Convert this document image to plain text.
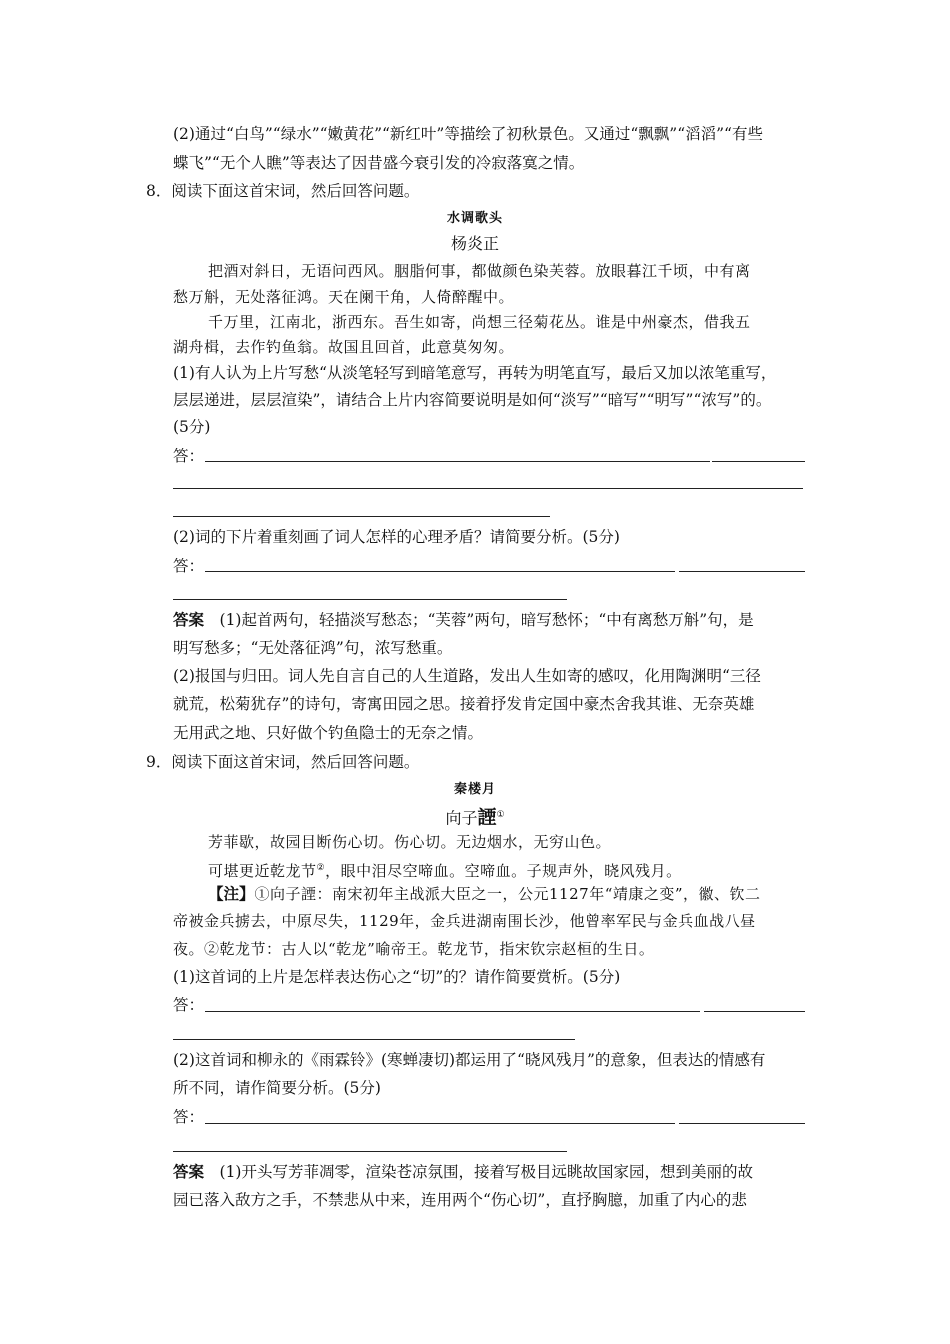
(2)通过“白鸟”“绿水”“嫩黄花”“新红叶”等描绘了初秋景色。又通过“飘飘”“滔滔”“有些
蝶飞”“无个人瞧”等表达了因昔盛今衰引发的冷寂落寞之情。
8．阅读下面这首宋词，然后回答问题。
水调歌头
杨炎正
把酒对斜日，无语问西风。胭脂何事，都做颜色染芙蓉。放眼暮江千顷，中有离
愁万斛，无处落征鸿。天在阑干角，人倚醉醒中。
千万里，江南北，浙西东。吾生如寄，尚想三径菊花丛。谁是中州豪杰，借我五
湖舟楫，去作钓鱼翁。故国且回首，此意莫匆匆。
(1)有人认为上片写愁“从淡笔轻写到暗笔意写，再转为明笔直写，最后又加以浓笔重写，
层层递进，层层渲染”，请结合上片内容简要说明是如何“淡写”“暗写”“明写”“浓写”的。
(5分)
答：
(2)词的下片着重刻画了词人怎样的心理矛盾？请简要分析。(5分)
答：
答案  (1)起首两句，轻描淡写愁态；“芙蓉”两句，暗写愁怀；“中有离愁万斛”句，是
明写愁多；“无处落征鸿”句，浓写愁重。
(2)报国与归田。词人先自言自己的人生道路，发出人生如寄的感叹，化用陶渊明“三径
就荒，松菊犹存”的诗句，寄寓田园之思。接着抒发肯定国中豪杰舍我其谁、无奈英雄
无用武之地、只好做个钓鱼隐士的无奈之情。
9．阅读下面这首宋词，然后回答问题。
秦楼月
向子諲①
芳菲歇，故园目断伤心切。伤心切。无边烟水，无穷山色。
可堪更近乾龙节②，眼中泪尽空啼血。空啼血。子规声外，晓风残月。
【注】①向子諲：南宋初年主战派大臣之一，公元1127年“靖康之变”，徽、钦二
帝被金兵掳去，中原尽失，1129年，金兵进湖南围长沙，他曾率军民与金兵血战八昼
夜。②乾龙节：古人以“乾龙”喻帝王。乾龙节，指宋钦宗赵桓的生日。
(1)这首词的上片是怎样表达伤心之“切”的？请作简要赏析。(5分)
答：
(2)这首词和柳永的《雨霖铃》(寒蝉凄切)都运用了“晓风残月”的意象，但表达的情感有
所不同，请作简要分析。(5分)
答：
答案  (1)开头写芳菲凋零，渲染苍凉氛围，接着写极目远眺故国家园，想到美丽的故
园已落入敌方之手，不禁悲从中来，连用两个“伤心切”，直抒胸臆，加重了内心的悲
